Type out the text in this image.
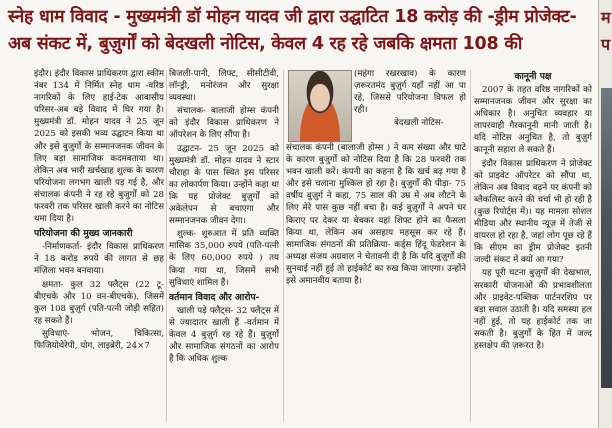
स्नेह धाम विवाद - मुख्यमंत्री डॉ मोहन यादव जी द्वारा उद्घाटित 18 करोड़ की -ड्रीम प्रोजेक्ट-
अब संकट में, बुज़ुर्गों को बेदखली नोटिस, केवल 4 रह रहे जबकि क्षमता 108 की
म
प

इंदौर। इंदौर विकास प्राधिकरण द्वारा स्कीम नंबर 134 में निर्मित स्नेह धाम -वरिष्ठ नागरिकों के लिए हाई-टेक आवासीय परिसर-अब बड़े विवाद में घिर गया है। मुख्यमंत्री डॉ. मोहन यादव ने 25 जून 2025 को इसकी भव्य उद्घाटन किया था और इसे बुजुर्गों के सम्मानजनक जीवन के लिए बड़ा सामाजिक कदमबताया था। लेकिन अब भारी खर्चखाह शुल्क के कारण परियोजना लगभग खाली पड़ गई है, और संचालक कंपनी ने रह रहे बुजुर्गों को 28 फरवरी तक परिसर खाली करने का नोटिस थमा दिया है।

परियोजना की मुख्य जानकारी

-निर्माणकर्ता- इंदौर विकास प्राधिकरण ने 18 करोड़ रुपये की लागत से छह मंज़िला भवन बनवाया।

क्षमता- कुल 32 फ्लैट्स (22 टू-बीएचके और 10 वन-बीएचके), जिसमें कुल 108 बुज़ुर्ग (पति-पत्नी जोड़ी सहित) रह सकते हैं।

सुविधाएं- भोजन, चिकित्सा, फिजियोथेरेपी, योग, लाइब्रेरी, 24×7

बिजली-पानी, लिफ्ट, सीसीटीवी, लॉन्ड्री, मनोरंजन और सुरक्षा व्यवस्था।

संचालक- बालाजी होम्स कंपनी को इंदौर विकास प्राधिकरण ने ऑपरेशन के लिए सौंपा है।

उद्घाटन- 25 जून 2025 को मुख्यमंत्री डॉ. मोहन यादव ने स्टार चौराहा के पास स्थित इस परिसर का लोकार्पण किया। उन्होंने कहा था कि यह प्रोजेक्ट बुज़ुर्गों को अकेलेपन से बचाएगा और सम्मानजनक जीवन देगा।

शुल्क- शुरुआत में प्रति व्यक्ति मासिक 35,000 रुपये (पति-पत्नी के लिए 60,000 रुपये ) तय किया गया था, जिसमें सभी सुविधाएं शामिल हैं।

वर्तमान विवाद और आरोप-

खाली पड़े फ्लैट्स- 32 फ्लैट्स में से ज्यादातर खाली हैं -वर्तमान में केवल 4 बुज़ुर्ग रह रहे हैं। बुज़ुर्गों और सामाजिक संगठनों का आरोप है कि अधिक शुल्क

(महंगा रखरखाव) के कारण ज़रूरतमंद बुज़ुर्ग यहाँ नहीं आ पा रहे, जिससे परियोजना विफल हो रही।

बेदखली नोटिस-

संचालक कंपनी (बालाजी होम्स ) ने कम संख्या और घाटे के कारण बुजुर्गों को नोटिस दिया है कि 28 फरवरी तक भवन खाली करें। कंपनी का कहना है कि खर्च बढ़ गया है और इसे चलाना मुश्किल हो रहा है। बुजुर्गों की पीड़ा- 75 वर्षीय बुज़ुर्ग ने कहा, 75 साल की उम्र में अब लौटने के लिए मेरे पास कुछ नहीं बचा है। कई बुज़ुर्गों ने अपने घर किराए पर देकर या बेचकर यहां शिफ्ट होने का फैसला किया था, लेकिन अब असहाय महसूस कर रहे हैं। सामाजिक संगठनों की प्रतिक्रिया- कर्ड्स हिंदू फेडरेशन के अध्यक्ष संजय अग्रवाल ने चेतावनी दी है कि यदि बुज़ुर्गों की सुनवाई नहीं हुई तो हाईकोर्ट का रुख किया जाएगा। उन्होंने इसे अमानवीय बताया है।

कानूनी पक्ष

2007 के तहत वरिष्ठ नागरिकों को सम्मानजनक जीवन और सुरक्षा का अधिकार है। अनुचित व्यवहार या लापरवाही गैरकानूनी मानी जाती है। यदि नोटिस अनुचित है, तो बुज़ुर्ग कानूनी सहारा ले सकते हैं।

इंदौर विकास प्राधिकरण ने प्रोजेक्ट को प्राइवेट ऑपरेटर को सौंपा था, लेकिन अब विवाद बढ़ने पर कंपनी को ब्लैकलिस्ट करने की चर्चा भी हो रही है (कुछ रिपोर्ट्स में)। यह मामला सोशल मीडिया और स्थानीय न्यूज़ में तेजी से वायरल हो रहा है, जहां लोग पूछ रहे हैं कि सीएम का ड्रीम प्रोजेक्ट इतनी जल्दी संकट में क्यों आ गया?

यह पूरी घटना बुज़ुर्गों की देखभाल, सरकारी योजनाओं की प्रभावशीलता और प्राइवेट-पब्लिक पार्टनरशिप पर बड़ा सवाल उठाती है। यदि समस्या हल नहीं हुई, तो यह हाईकोर्ट तक जा सकती है। बुज़ुर्गों के हित में जल्द हस्तक्षेप की ज़रूरत है।
